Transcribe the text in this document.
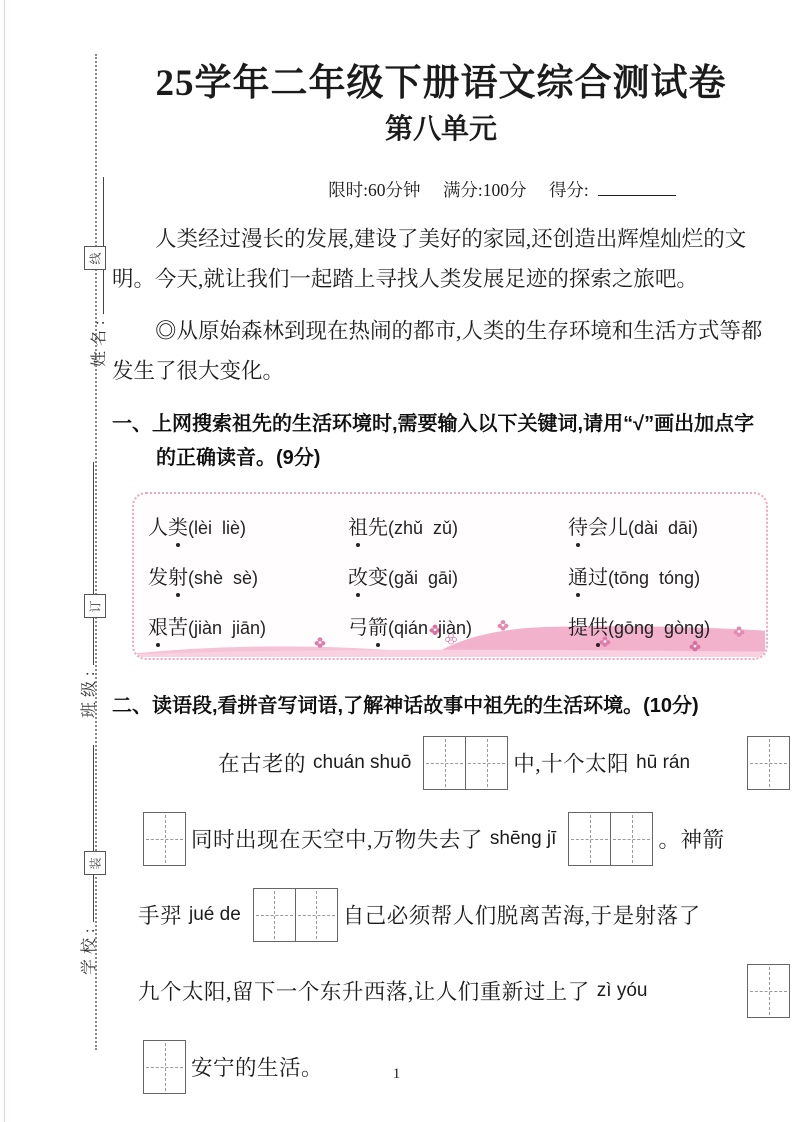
姓名:
线
班级:
订
学校:
装
25学年二年级下册语文综合测试卷
第八单元
限时:60分钟 满分:100分 得分:

人类经过漫长的发展,建设了美好的家园,还创造出辉煌灿烂的文明。今天,就让我们一起踏上寻找人类发展足迹的探索之旅吧。

◎从原始森林到现在热闹的都市,人类的生存环境和生活方式等都发生了很大变化。

一、上网搜索祖先的生活环境时,需要输入以下关键词,请用“√”画出加点字的正确读音。(9分)
人类(lèi  liè)	祖先(zhǔ  zǔ)	待会儿(dài  dāi)
发射(shè  sè)	改变(gǎi  gāi)	通过(tōng  tóng)
艰苦(jiàn  jiān)	弓箭(qián  jiàn)	提供(gōng  gòng)
二、读语段,看拼音写词语,了解神话故事中祖先的生活环境。(10分)
在古老的 chuán shuō	中,十个太阳 hū rán
同时出现在天空中,万物失去了 shēng jī	。神箭
手羿 jué de	自己必须帮人们脱离苦海,于是射落了
九个太阳,留下一个东升西落,让人们重新过上了 zì yóu
安宁的生活。	1
